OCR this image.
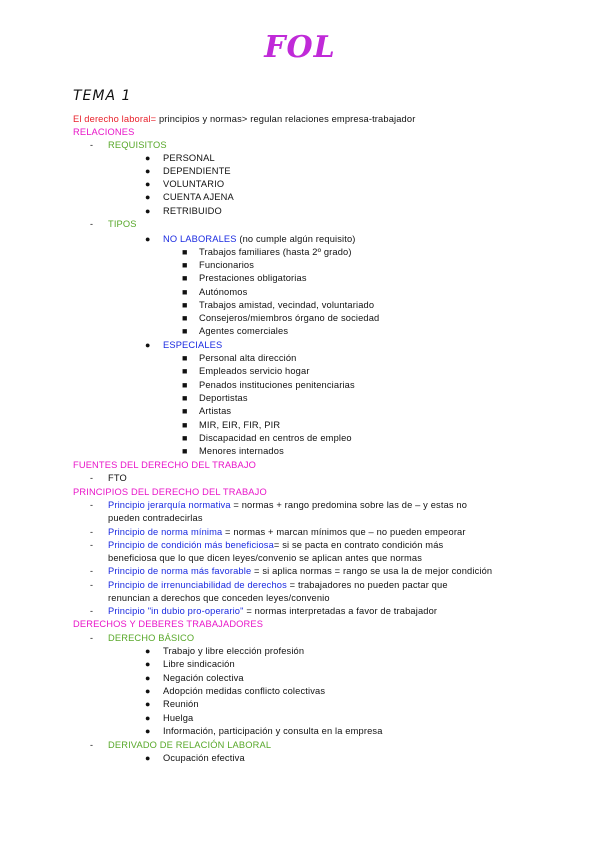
FOL
TEMA 1
El derecho laboral= principios y normas> regulan relaciones empresa-trabajador
RELACIONES
- REQUISITOS
● PERSONAL
● DEPENDIENTE
● VOLUNTARIO
● CUENTA AJENA
● RETRIBUIDO
- TIPOS
● NO LABORALES (no cumple algún requisito)
■ Trabajos familiares (hasta 2º grado)
■ Funcionarios
■ Prestaciones obligatorias
■ Autónomos
■ Trabajos amistad, vecindad, voluntariado
■ Consejeros/miembros órgano de sociedad
■ Agentes comerciales
● ESPECIALES
■ Personal alta dirección
■ Empleados servicio hogar
■ Penados instituciones penitenciarias
■ Deportistas
■ Artistas
■ MIR, EIR, FIR, PIR
■ Discapacidad en centros de empleo
■ Menores internados
FUENTES DEL DERECHO DEL TRABAJO
- FTO
PRINCIPIOS DEL DERECHO DEL TRABAJO
- Principio jerarquía normativa = normas + rango predomina sobre las de – y estas no
pueden contradecirlas
- Principio de norma mínima = normas + marcan mínimos que – no pueden empeorar
- Principio de condición más beneficiosa= si se pacta en contrato condición más
beneficiosa que lo que dicen leyes/convenio se aplican antes que normas
- Principio de norma más favorable = si aplica normas = rango se usa la de mejor condición
- Principio de irrenunciabilidad de derechos = trabajadores no pueden pactar que
renuncian a derechos que conceden leyes/convenio
- Principio "in dubio pro-operario" = normas interpretadas a favor de trabajador
DERECHOS Y DEBERES TRABAJADORES
- DERECHO BÁSICO
● Trabajo y libre elección profesión
● Libre sindicación
● Negación colectiva
● Adopción medidas conflicto colectivas
● Reunión
● Huelga
● Información, participación y consulta en la empresa
- DERIVADO DE RELACIÓN LABORAL
● Ocupación efectiva
